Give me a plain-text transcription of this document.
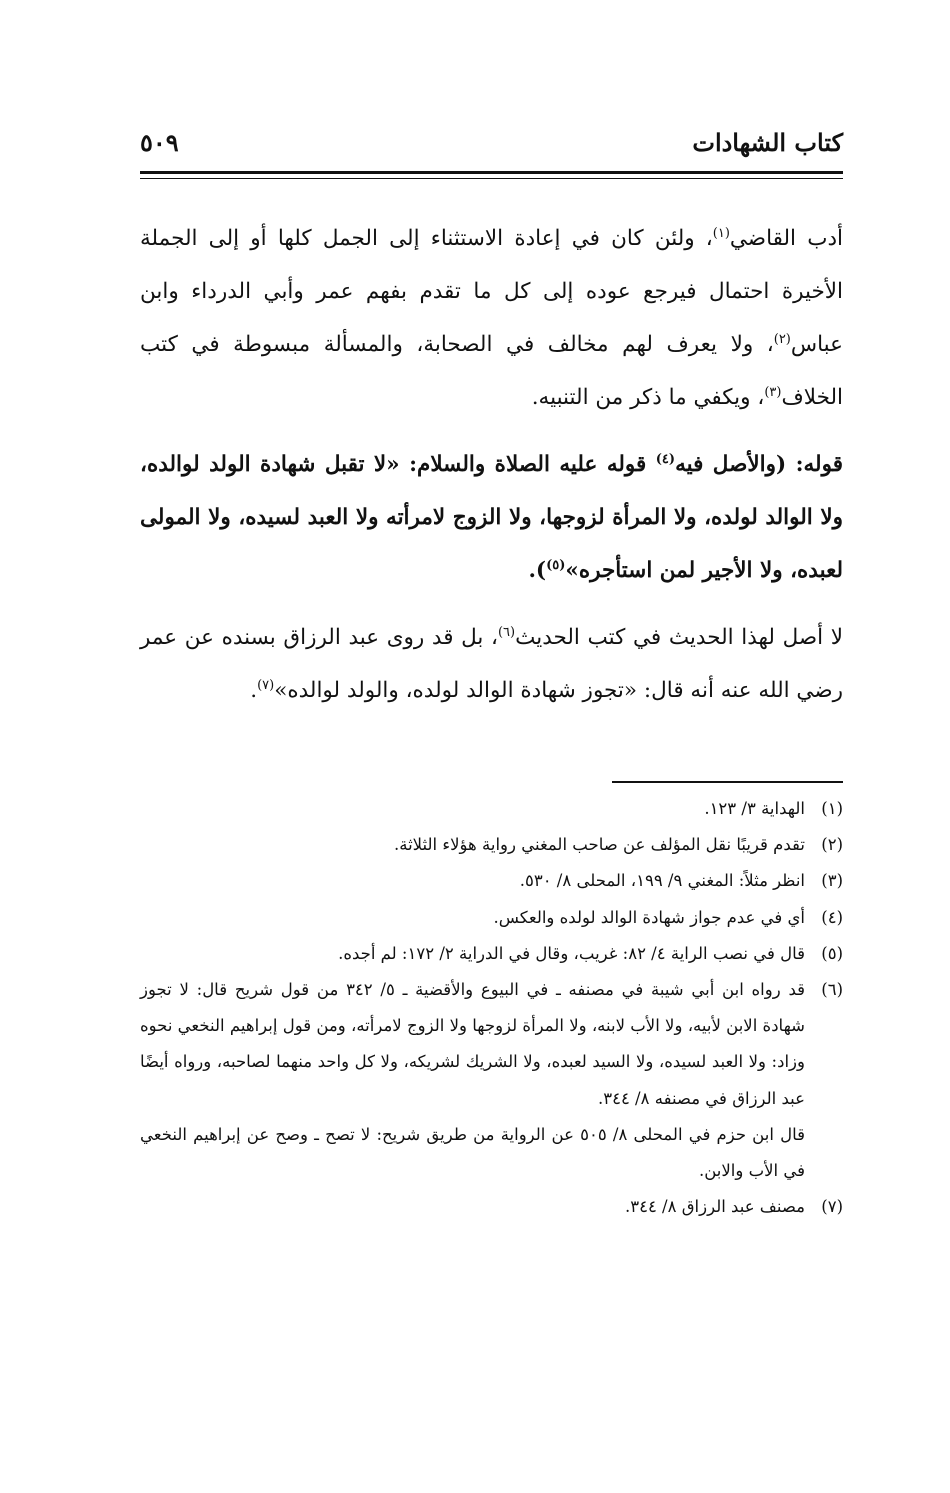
كتاب الشهادات
٥٠٩

أدب القاضي$^{(١)}$، ولئن كان في إعادة الاستثناء إلى الجمل كلها أو إلى الجملة الأخيرة احتمال فيرجع عوده إلى كل ما تقدم بفهم عمر وأبي الدرداء وابن عباس$^{(٢)}$، ولا يعرف لهم مخالف في الصحابة، والمسألة مبسوطة في كتب الخلاف$^{(٣)}$، ويكفي ما ذكر من التنبيه.

قوله: (والأصل فيه$^{(٤)}$ قوله عليه الصلاة والسلام: «لا تقبل شهادة الولد لوالده، ولا الوالد لولده، ولا المرأة لزوجها، ولا الزوج لامرأته ولا العبد لسيده، ولا المولى لعبده، ولا الأجير لمن استأجره»$^{(٥)}$).

لا أصل لهذا الحديث في كتب الحديث$^{(٦)}$، بل قد روى عبد الرزاق بسنده عن عمر رضي الله عنه أنه قال: «تجوز شهادة الوالد لولده، والولد لوالده»$^{(٧)}$.

(١)
الهداية ٣/ ١٢٣.
(٢)
تقدم قريبًا نقل المؤلف عن صاحب المغني رواية هؤلاء الثلاثة.
(٣)
انظر مثلاً: المغني ٩/ ١٩٩، المحلى ٨/ ٥٣٠.
(٤)
أي في عدم جواز شهادة الوالد لولده والعكس.
(٥)
قال في نصب الراية ٤/ ٨٢: غريب، وقال في الدراية ٢/ ١٧٢: لم أجده.
(٦)
قد رواه ابن أبي شيبة في مصنفه ـ في البيوع والأقضية ـ ٥/ ٣٤٢ من قول شريح قال: لا تجوز شهادة الابن لأبيه، ولا الأب لابنه، ولا المرأة لزوجها ولا الزوج لامرأته، ومن قول إبراهيم النخعي نحوه وزاد: ولا العبد لسيده، ولا السيد لعبده، ولا الشريك لشريكه، ولا كل واحد منهما لصاحبه، ورواه أيضًا عبد الرزاق في مصنفه ٨/ ٣٤٤.
قال ابن حزم في المحلى ٨/ ٥٠٥ عن الرواية من طريق شريح: لا تصح ـ وصح عن إبراهيم النخعي في الأب والابن.
(٧)
مصنف عبد الرزاق ٨/ ٣٤٤.
